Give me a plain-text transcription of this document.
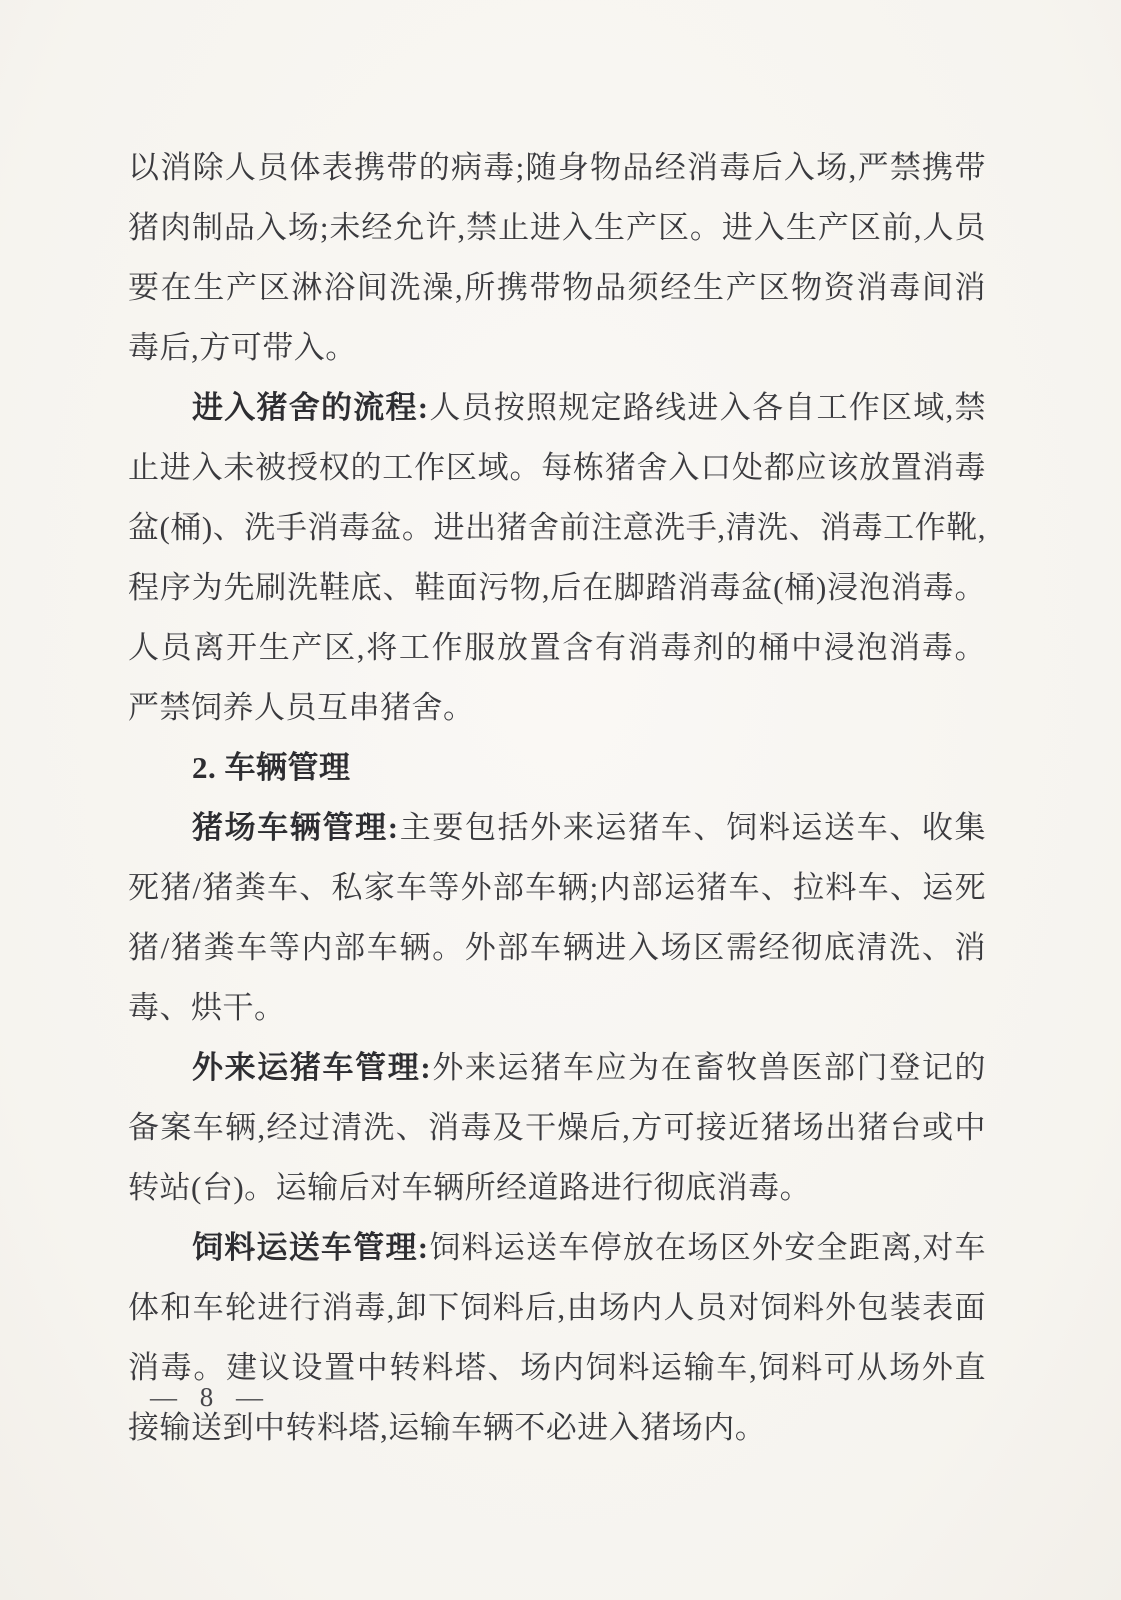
以消除人员体表携带的病毒;随身物品经消毒后入场,严禁携带猪肉制品入场;未经允许,禁止进入生产区。进入生产区前,人员要在生产区淋浴间洗澡,所携带物品须经生产区物资消毒间消毒后,方可带入。

进入猪舍的流程:人员按照规定路线进入各自工作区域,禁止进入未被授权的工作区域。每栋猪舍入口处都应该放置消毒盆(桶)、洗手消毒盆。进出猪舍前注意洗手,清洗、消毒工作靴,程序为先刷洗鞋底、鞋面污物,后在脚踏消毒盆(桶)浸泡消毒。人员离开生产区,将工作服放置含有消毒剂的桶中浸泡消毒。严禁饲养人员互串猪舍。

2. 车辆管理

猪场车辆管理:主要包括外来运猪车、饲料运送车、收集死猪/猪粪车、私家车等外部车辆;内部运猪车、拉料车、运死猪/猪粪车等内部车辆。外部车辆进入场区需经彻底清洗、消毒、烘干。

外来运猪车管理:外来运猪车应为在畜牧兽医部门登记的备案车辆,经过清洗、消毒及干燥后,方可接近猪场出猪台或中转站(台)。运输后对车辆所经道路进行彻底消毒。

饲料运送车管理:饲料运送车停放在场区外安全距离,对车体和车轮进行消毒,卸下饲料后,由场内人员对饲料外包装表面消毒。建议设置中转料塔、场内饲料运输车,饲料可从场外直接输送到中转料塔,运输车辆不必进入猪场内。

— 8 —
